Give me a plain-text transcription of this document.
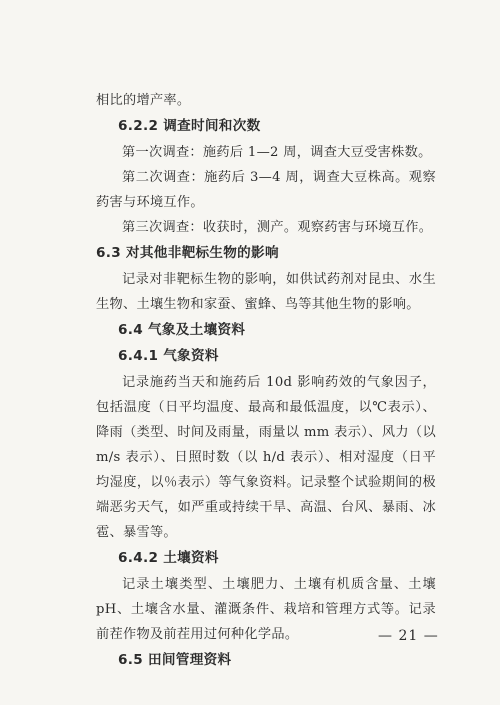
相比的增产率。

6.2.2 调查时间和次数

第一次调查：施药后 1—2 周，调查大豆受害株数。

第二次调查：施药后 3—4 周，调查大豆株高。观察药害与环境互作。

第三次调查：收获时，测产。观察药害与环境互作。

6.3 对其他非靶标生物的影响

记录对非靶标生物的影响，如供试药剂对昆虫、水生生物、土壤生物和家蚕、蜜蜂、鸟等其他生物的影响。

6.4 气象及土壤资料
6.4.1 气象资料

记录施药当天和施药后 10d 影响药效的气象因子，包括温度（日平均温度、最高和最低温度，以℃表示）、降雨（类型、时间及雨量，雨量以 mm 表示）、风力（以 m/s 表示）、日照时数（以 h/d 表示）、相对湿度（日平均湿度，以％表示）等气象资料。记录整个试验期间的极端恶劣天气，如严重或持续干旱、高温、台风、暴雨、冰雹、暴雪等。

6.4.2 土壤资料

记录土壤类型、土壤肥力、土壤有机质含量、土壤 pH、土壤含水量、灌溉条件、栽培和管理方式等。记录前茬作物及前茬用过何种化学品。

6.5 田间管理资料
— 21 —
